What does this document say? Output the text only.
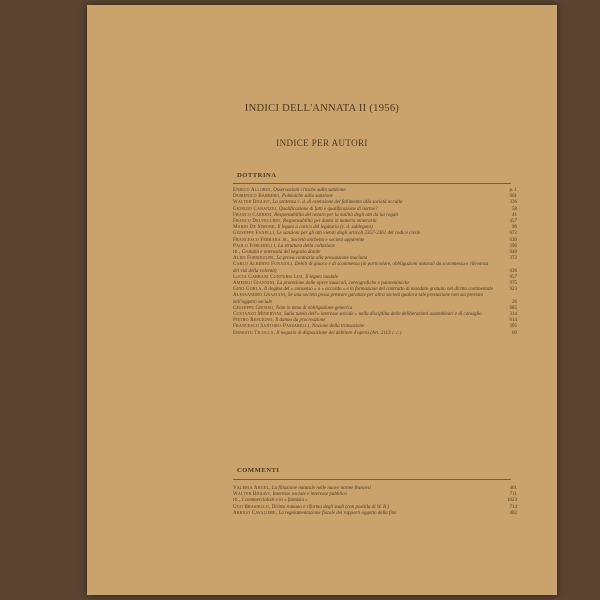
INDICI DELL'ANNATA II (1956)
INDICE PER AUTORI
DOTTRINA
Enrico Allorio, Osservazioni critiche sulla sanzione	p. 1
Domenico Barbero, Polemiche sulla sanzione	901
Walter Bigiavi, La sentenza c. d. di estensione del fallimento alla società occulta	336
Giorgio Cananzei, Qualificazione di fatti e qualificazione di norme?	58
Franco Carresi, Responsabilità del notaro per la nullità degli atti da lui rogati	41
Franco Delvecchio, Responsabilità per danni in materia mineraria	457
Mario De Simone, Il legato a carico del legatario (c. d. sublegato)	96
Giuseppe Fanelli, Le sanzioni per gli atti vietati dagli articoli 2357-2361 del codice civile	672
Francesco Ferrara jr., Società anchetta e società apparente	630
Paolo Forchielli, La struttura della collazione	296
id., Gratuità e onerosità del negozio dotale	940
Aldo Formiggini, La prova contraria alla presunzione muciana	372
Carlo Alberto Funaioli, Debiti di giuoco e di scommessa (in particolare, obbligazioni naturali da scommessa e rilevanza dei vizi della volontà)	636
Lucia Garbani Contursi Lisi, Il legato modale	957
Amedeo Giannini, La protezione delle opere musicali, coreografiche e pantomimiche	975
Gino Gorla, Il dogma del « consenso » o « accordo » e la formazione del contratto di mandato gratuito nel diritto continentale	923
Alessandro Graziani, Se una società possa prestare garanzie per altra società qualora tale prestazione non sia prevista nell'oggetto sociale	26
Giuseppe Grosso, Note in tema di obbligazione generica	685
Costanzo Minervini, Sulla tutela dell'« interesse sociale » nella disciplina delle deliberazioni assembleari e di consiglio	314
Pietro Rescigno, Il danno da procreazione	614
Francesco Santoro-Passarelli, Nozione della transazione	305
Ernesto Tilocca, Il negozio di disposizione del debitore d'opera (Art. 2113 c. c.)	69
COMMENTI
Valeria Angel, La filiazione naturale nelle nuove norme francesi	461
Walter Bigiavi, Interesse sociale e interesse pubblico	711
id., I commercialisti e la « fantasia »	1023
Ugo Brasiello, Diritto romano e riforma degli studi (con postilla di W. B.)	714
Arrigo Cavaliere, La regolamentazione fiscale dei rapporti oggetto della fine	482
